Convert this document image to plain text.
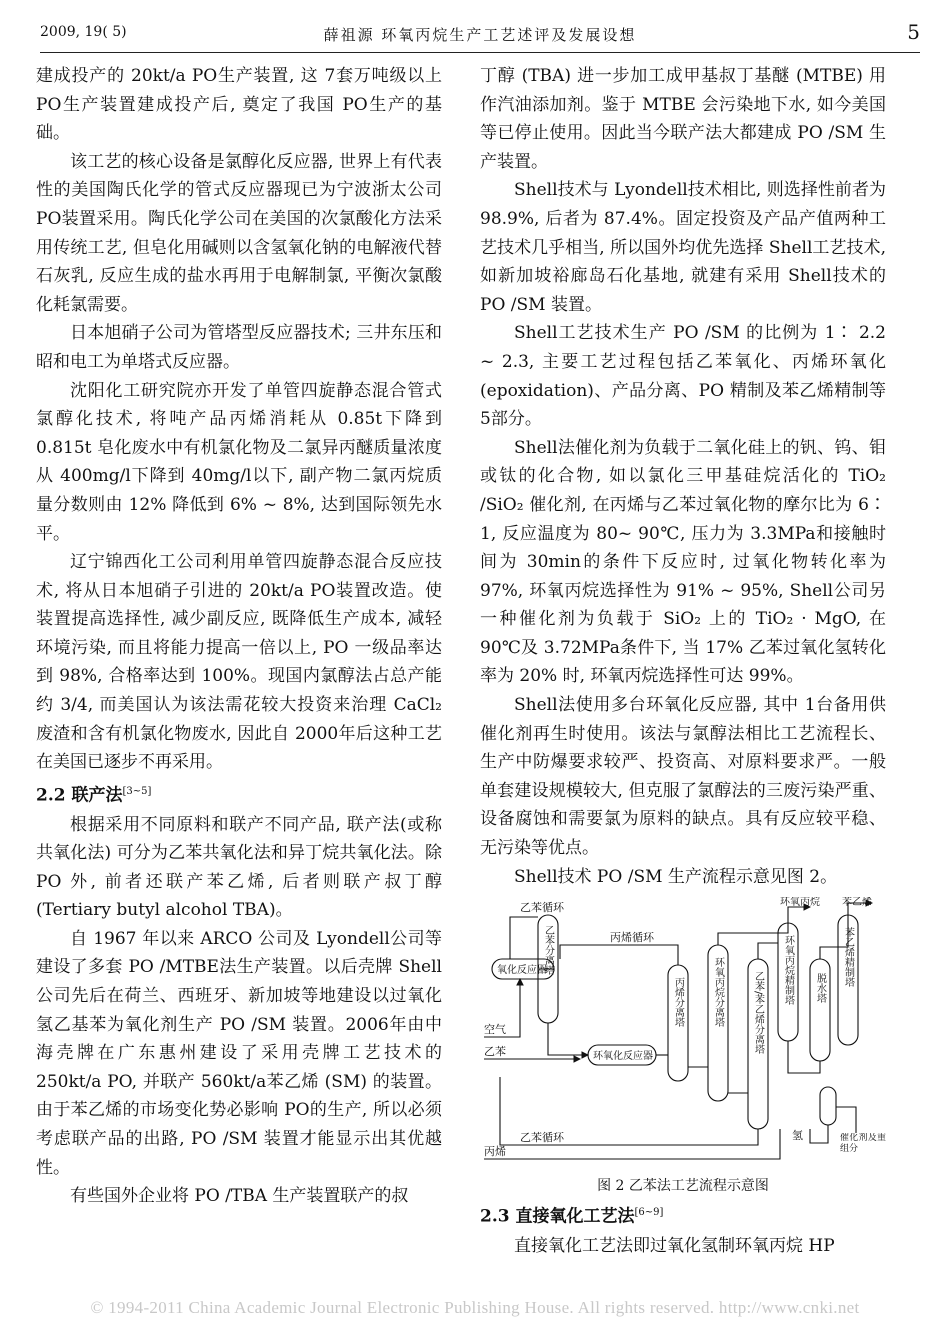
2009, 19( 5)	薛祖源 环氧丙烷生产工艺述评及发展设想	5

建成投产的 20kt/a PO生产装置, 这 7套万吨级以上 PO生产装置建成投产后, 奠定了我国 PO生产的基础。

该工艺的核心设备是氯醇化反应器, 世界上有代表性的美国陶氏化学的管式反应器现已为宁波浙太公司 PO装置采用。陶氏化学公司在美国的次氯酸化方法采用传统工艺, 但皂化用碱则以含氢氧化钠的电解液代替石灰乳, 反应生成的盐水再用于电解制氯, 平衡次氯酸化耗氯需要。

日本旭硝子公司为管塔型反应器技术; 三井东压和昭和电工为单塔式反应器。

沈阳化工研究院亦开发了单管四旋静态混合管式氯醇化技术, 将吨产品丙烯消耗从 0.85t下降到 0.815t 皂化废水中有机氯化物及二氯异丙醚质量浓度从 400mg/l下降到 40mg/l以下, 副产物二氯丙烷质量分数则由 12% 降低到 6% ~ 8%, 达到国际领先水平。

辽宁锦西化工公司利用单管四旋静态混合反应技术, 将从日本旭硝子引进的 20kt/a PO装置改造。使装置提高选择性, 减少副反应, 既降低生产成本, 减轻环境污染, 而且将能力提高一倍以上, PO 一级品率达到 98%, 合格率达到 100%。现国内氯醇法占总产能约 3/4, 而美国认为该法需花较大投资来治理 CaCl₂ 废渣和含有机氯化物废水, 因此自 2000年后这种工艺在美国已逐步不再采用。

2.2 联产法[3~5]

根据采用不同原料和联产不同产品, 联产法(或称共氧化法) 可分为乙苯共氧化法和异丁烷共氧化法。除 PO 外, 前者还联产苯乙烯, 后者则联产叔丁醇 (Tertiary butyl alcohol TBA)。

自 1967 年以来 ARCO 公司及 Lyondell公司等建设了多套 PO /MTBE法生产装置。以后壳牌 Shell公司先后在荷兰、西班牙、新加坡等地建设以过氧化氢乙基苯为氧化剂生产 PO /SM 装置。2006年由中海壳牌在广东惠州建设了采用壳牌工艺技术的 250kt/a PO, 并联产 560kt/a苯乙烯 (SM) 的装置。由于苯乙烯的市场变化势必影响 PO的生产, 所以必须考虑联产品的出路, PO /SM 装置才能显示出其优越性。

有些国外企业将 PO /TBA 生产装置联产的叔

丁醇 (TBA) 进一步加工成甲基叔丁基醚 (MTBE) 用作汽油添加剂。鉴于 MTBE 会污染地下水, 如今美国等已停止使用。因此当今联产法大都建成 PO /SM 生产装置。

Shell技术与 Lyondell技术相比, 则选择性前者为 98.9%, 后者为 87.4%。固定投资及产品产值两种工艺技术几乎相当, 所以国外均优先选择 Shell工艺技术, 如新加坡裕廊岛石化基地, 就建有采用 Shell技术的 PO /SM 装置。

Shell工艺技术生产 PO /SM 的比例为 1∶ 2.2 ~ 2.3, 主要工艺过程包括乙苯氧化、丙烯环氧化 (epoxidation)、产品分离、PO 精制及苯乙烯精制等 5部分。

Shell法催化剂为负载于二氧化硅上的钒、钨、钼或钛的化合物, 如以氯化三甲基硅烷活化的 TiO₂ /SiO₂ 催化剂, 在丙烯与乙苯过氧化物的摩尔比为 6∶ 1, 反应温度为 80~ 90℃, 压力为 3.3MPa和接触时间为 30min的条件下反应时, 过氧化物转化率为 97%, 环氧丙烷选择性为 91% ~ 95%, Shell公司另一种催化剂为负载于 SiO₂ 上的 TiO₂ · MgO, 在 90℃及 3.72MPa条件下, 当 17% 乙苯过氧化氢转化率为 20% 时, 环氧丙烷选择性可达 99%。

Shell法使用多台环氧化反应器, 其中 1台备用供催化剂再生时使用。该法与氯醇法相比工艺流程长、生产中防爆要求较严、投资高、对原料要求严。一般单套建设规模较大, 但克服了氯醇法的三废污染严重、设备腐蚀和需要氯为原料的缺点。具有反应较平稳、无污染等优点。

Shell技术 PO /SM 生产流程示意见图 2。

乙苯循环
氧化反应器
丙烯循环
环氧化反应器
空气
乙苯
乙苯循环
丙烯
氢
环氧丙烷 苯乙烯
乙苯分离塔
丙烯分离塔	环氧丙烷分离塔	乙苯/苯乙烯分离塔
环氧丙烷精制塔 脱水塔
苯乙烯精制塔
催化剂及重组分
图 2 乙苯法工艺流程示意图
2.3 直接氧化工艺法[6~9]

直接氧化工艺法即过氧化氢制环氧丙烷 HP

© 1994-2011 China Academic Journal Electronic Publishing House. All rights reserved. http://www.cnki.net
